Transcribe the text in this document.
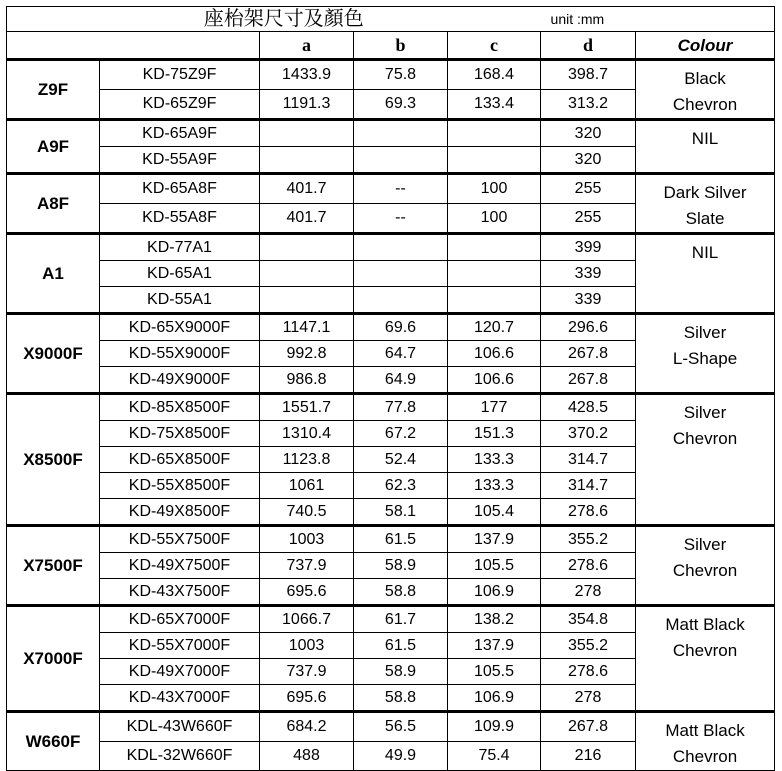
座枱架尺寸及顏色					unit :mm	
		a	b	c	d	Colour
Z9F	KD-75Z9F	1433.9	75.8	168.4	398.7	Black
Chevron

	KD-65Z9F	1191.3	69.3	133.4	313.2	
A9F	KD-65A9F				320	NIL

	KD-55A9F				320	
A8F	KD-65A8F	401.7	--	100	255	Dark Silver
Slate

	KD-55A8F	401.7	--	100	255	
A1	KD-77A1				399	NIL

	KD-65A1				339	
	KD-55A1				339	
X9000F	KD-65X9000F	1147.1	69.6	120.7	296.6	Silver
L-Shape

	KD-55X9000F	992.8	64.7	106.6	267.8	
	KD-49X9000F	986.8	64.9	106.6	267.8	
X8500F	KD-85X8500F	1551.7	77.8	177	428.5	Silver
Chevron

	KD-75X8500F	1310.4	67.2	151.3	370.2	
	KD-65X8500F	1123.8	52.4	133.3	314.7	
	KD-55X8500F	1061	62.3	133.3	314.7	
	KD-49X8500F	740.5	58.1	105.4	278.6	
X7500F	KD-55X7500F	1003	61.5	137.9	355.2	Silver
Chevron

	KD-49X7500F	737.9	58.9	105.5	278.6	
	KD-43X7500F	695.6	58.8	106.9	278	
X7000F	KD-65X7000F	1066.7	61.7	138.2	354.8	Matt Black
Chevron

	KD-55X7000F	1003	61.5	137.9	355.2	
	KD-49X7000F	737.9	58.9	105.5	278.6	
	KD-43X7000F	695.6	58.8	106.9	278	
W660F	KDL-43W660F	684.2	56.5	109.9	267.8	Matt Black
Chevron

	KDL-32W660F	488	49.9	75.4	216	
